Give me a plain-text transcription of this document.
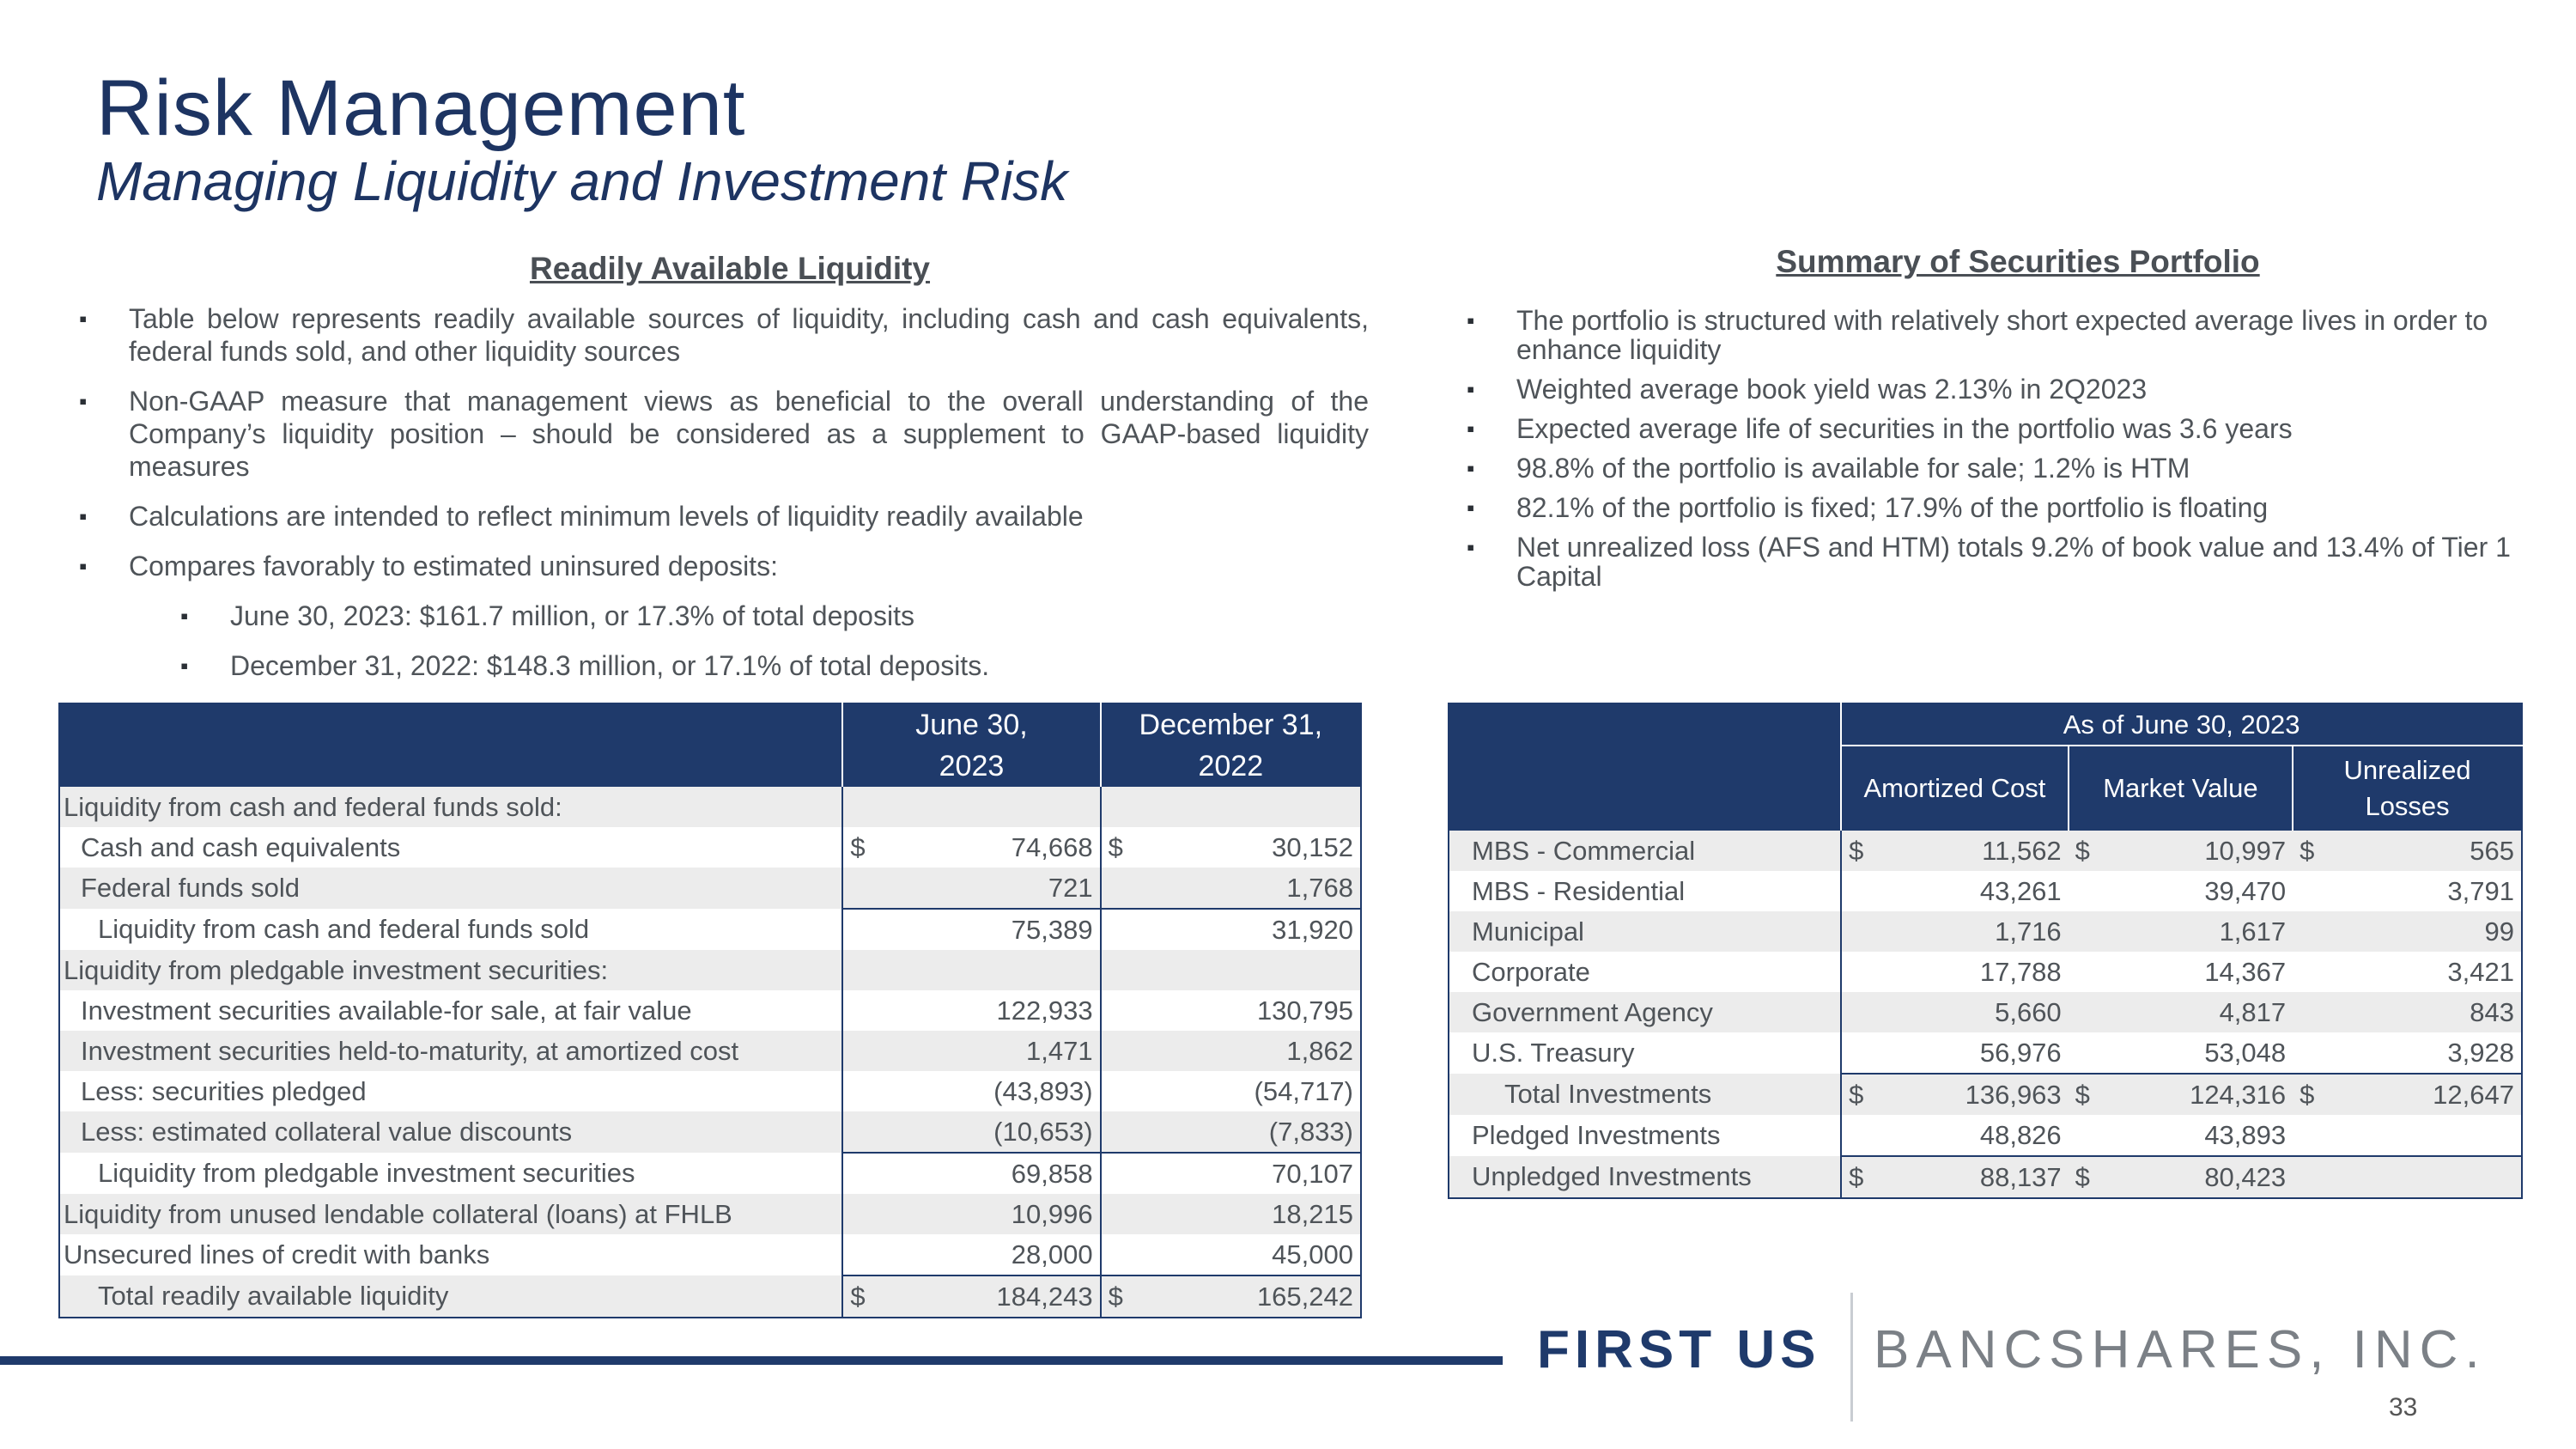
Risk Management
Managing Liquidity and Investment Risk
Readily Available Liquidity
▪ Table below represents readily available sources of liquidity, including cash and cash equivalents, federal funds sold, and other liquidity sources
▪ Non-GAAP measure that management views as beneficial to the overall understanding of the Company’s liquidity position – should be considered as a supplement to GAAP-based liquidity measures
▪ Calculations are intended to reflect minimum levels of liquidity readily available
▪ Compares favorably to estimated uninsured deposits:
▪ June 30, 2023: $161.7 million, or 17.3% of total deposits
▪ December 31, 2022: $148.3 million, or 17.1% of total deposits.
	June 30,
2023		December 31,
2022	
Liquidity from cash and federal funds sold:				
Cash and cash equivalents	$	74,668	$	30,152
Federal funds sold		721		1,768
Liquidity from cash and federal funds sold		75,389		31,920
Liquidity from pledgable investment securities:				
Investment securities available-for sale, at fair value		122,933		130,795
Investment securities held-to-maturity, at amortized cost		1,471		1,862
Less: securities pledged		(43,893)		(54,717)
Less: estimated collateral value discounts		(10,653)		(7,833)
Liquidity from pledgable investment securities		69,858		70,107
Liquidity from unused lendable collateral (loans) at FHLB		10,996		18,215
Unsecured lines of credit with banks		28,000		45,000
Total readily available liquidity	$	184,243	$	165,242
Summary of Securities Portfolio
▪ The portfolio is structured with relatively short expected average lives in order to enhance liquidity
▪ Weighted average book yield was 2.13% in 2Q2023
▪ Expected average life of securities in the portfolio was 3.6 years
▪ 98.8% of the portfolio is available for sale; 1.2% is HTM
▪ 82.1% of the portfolio is fixed; 17.9% of the portfolio is floating
▪ Net unrealized loss (AFS and HTM) totals 9.2% of book value and 13.4% of Tier 1 Capital
	As of June 30, 2023					
	Amortized Cost		Market Value		Unrealized
Losses	
MBS - Commercial	$	11,562	$	10,997	$	565
MBS - Residential		43,261		39,470		3,791
Municipal		1,716		1,617		99
Corporate		17,788		14,367		3,421
Government Agency		5,660		4,817		843
U.S. Treasury		56,976		53,048		3,928
Total Investments	$	136,963	$	124,316	$	12,647
Pledged Investments		48,826		43,893		
Unpledged Investments	$	88,137	$	80,423		
FIRST US BANCSHARES, INC.
33
